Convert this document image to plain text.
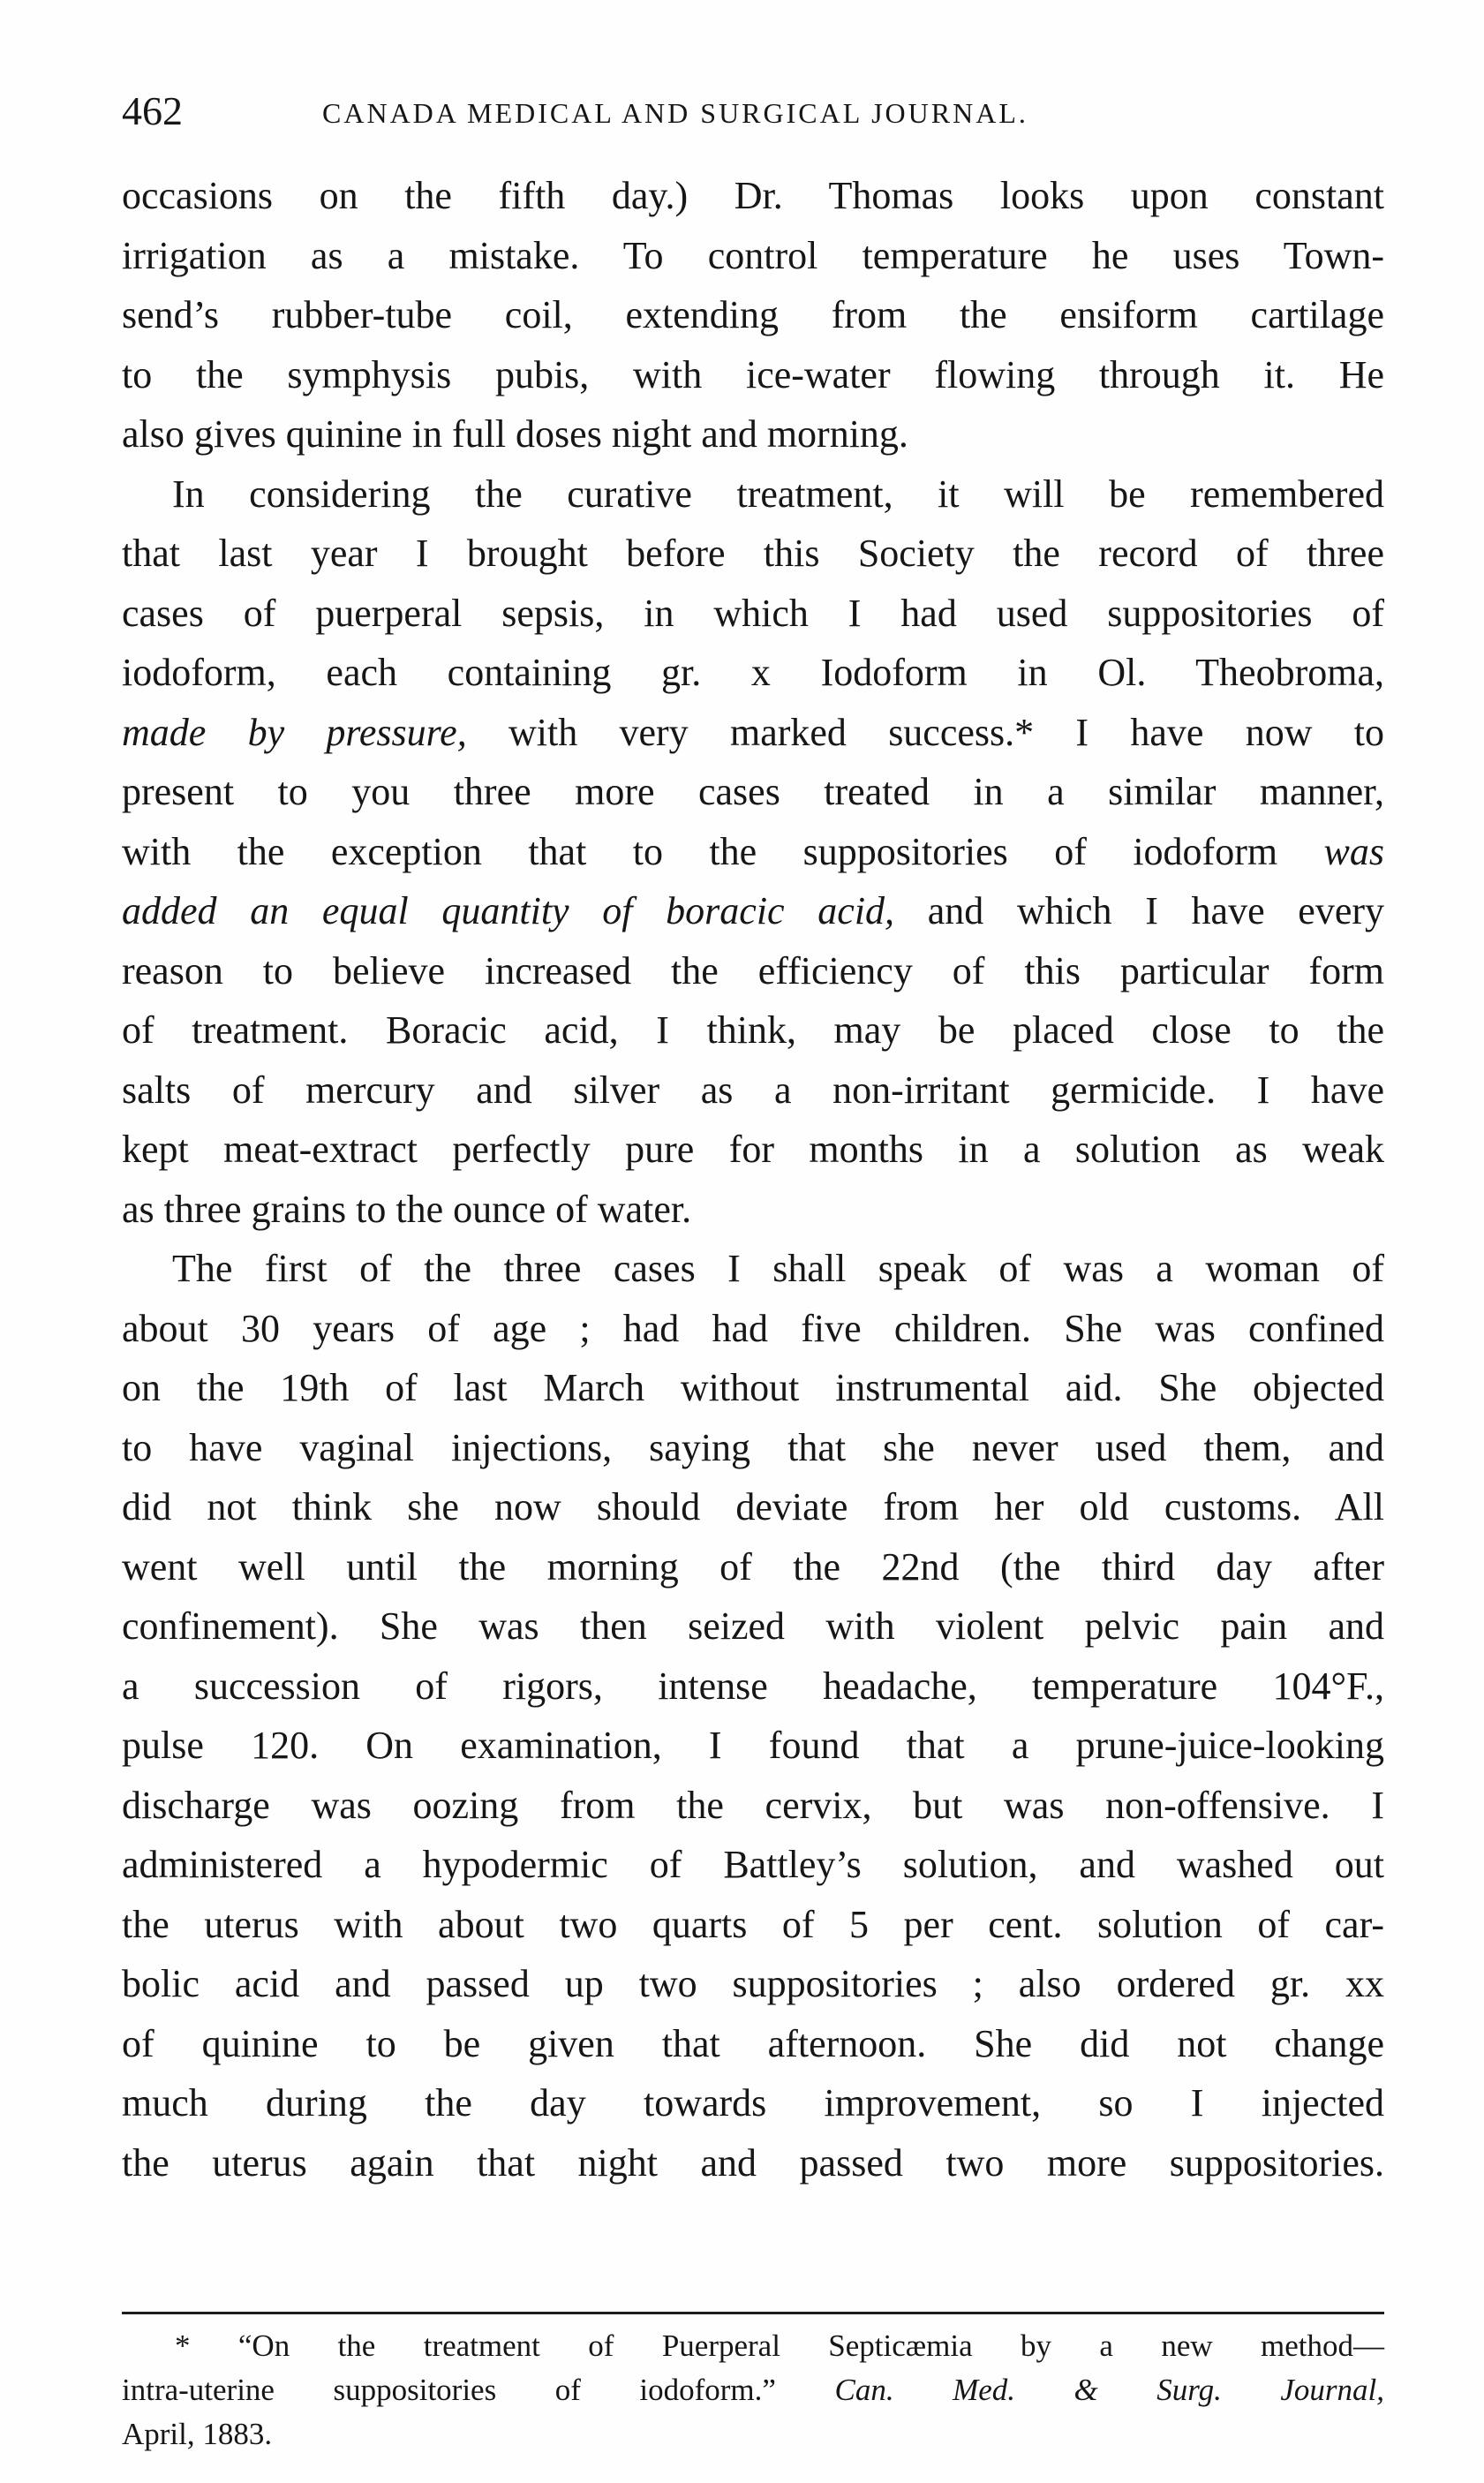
462	CANADA MEDICAL AND SURGICAL JOURNAL.
occasions on the fifth day.) Dr. Thomas looks upon constant
irrigation as a mistake. To control temperature he uses Town-
send’s rubber-tube coil, extending from the ensiform cartilage
to the symphysis pubis, with ice-water flowing through it. He
also gives quinine in full doses night and morning.
In considering the curative treatment, it will be remembered
that last year I brought before this Society the record of three
cases of puerperal sepsis, in which I had used suppositories of
iodoform, each containing gr. x Iodoform in Ol. Theobroma,
made by pressure, with very marked success.* I have now to
present to you three more cases treated in a similar manner,
with the exception that to the suppositories of iodoform was
added an equal quantity of boracic acid, and which I have every
reason to believe increased the efficiency of this particular form
of treatment. Boracic acid, I think, may be placed close to the
salts of mercury and silver as a non-irritant germicide. I have
kept meat-extract perfectly pure for months in a solution as weak
as three grains to the ounce of water.
The first of the three cases I shall speak of was a woman of
about 30 years of age ; had had five children. She was confined
on the 19th of last March without instrumental aid. She objected
to have vaginal injections, saying that she never used them, and
did not think she now should deviate from her old customs. All
went well until the morning of the 22nd (the third day after
confinement). She was then seized with violent pelvic pain and
a succession of rigors, intense headache, temperature 104°F.,
pulse 120. On examination, I found that a prune-juice-looking
discharge was oozing from the cervix, but was non-offensive. I
administered a hypodermic of Battley’s solution, and washed out
the uterus with about two quarts of 5 per cent. solution of car-
bolic acid and passed up two suppositories ; also ordered gr. xx
of quinine to be given that afternoon. She did not change
much during the day towards improvement, so I injected
the uterus again that night and passed two more suppositories.
* “On the treatment of Puerperal Septicæmia by a new method—
intra-uterine suppositories of iodoform.” Can. Med. & Surg. Journal,
April, 1883.
